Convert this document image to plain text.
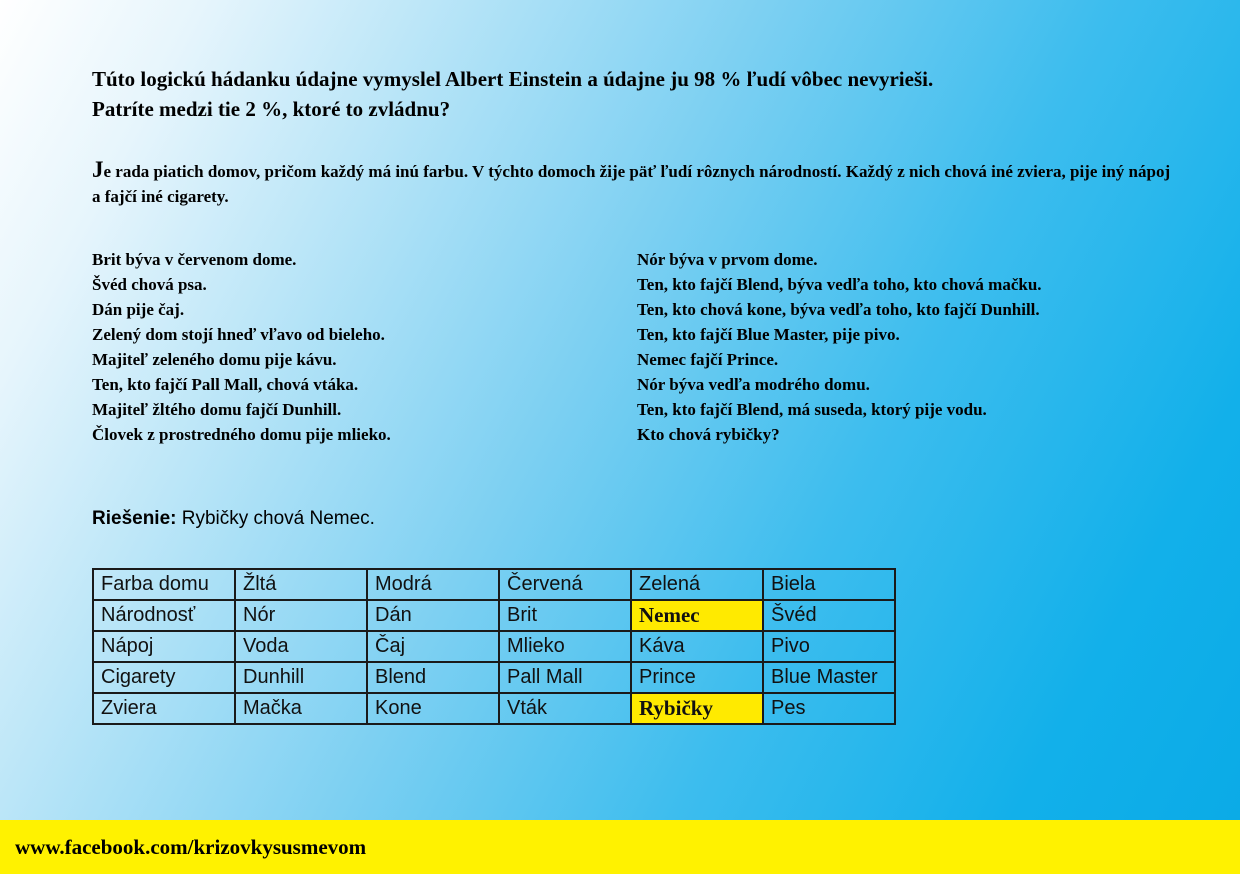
Túto logickú hádanku údajne vymyslel Albert Einstein a údajne ju 98 % ľudí vôbec nevyrieši.
Patríte medzi tie 2 %, ktoré to zvládnu?
Je rada piatich domov, pričom každý má inú farbu. V týchto domoch žije päť ľudí rôznych národností. Každý z nich chová iné zviera, pije iný nápoj a fajčí iné cigarety.
Brit býva v červenom dome.
Švéd chová psa.
Dán pije čaj.
Zelený dom stojí hneď vľavo od bieleho.
Majiteľ zeleného domu pije kávu.
Ten, kto fajčí Pall Mall, chová vtáka.
Majiteľ žltého domu fajčí Dunhill.
Človek z prostredného domu pije mlieko.
Nór býva v prvom dome.
Ten, kto fajčí Blend, býva vedľa toho, kto chová mačku.
Ten, kto chová kone, býva vedľa toho, kto fajčí Dunhill.
Ten, kto fajčí Blue Master, pije pivo.
Nemec fajčí Prince.
Nór býva vedľa modrého domu.
Ten, kto fajčí Blend, má suseda, ktorý pije vodu.
Kto chová rybičky?
Riešenie: Rybičky chová Nemec.
Farba domu	Žltá	Modrá	Červená	Zelená	Biela
Národnosť	Nór	Dán	Brit	Nemec	Švéd
Nápoj	Voda	Čaj	Mlieko	Káva	Pivo
Cigarety	Dunhill	Blend	Pall Mall	Prince	Blue Master
Zviera	Mačka	Kone	Vták	Rybičky	Pes
www.facebook.com/krizovkysusmevom
